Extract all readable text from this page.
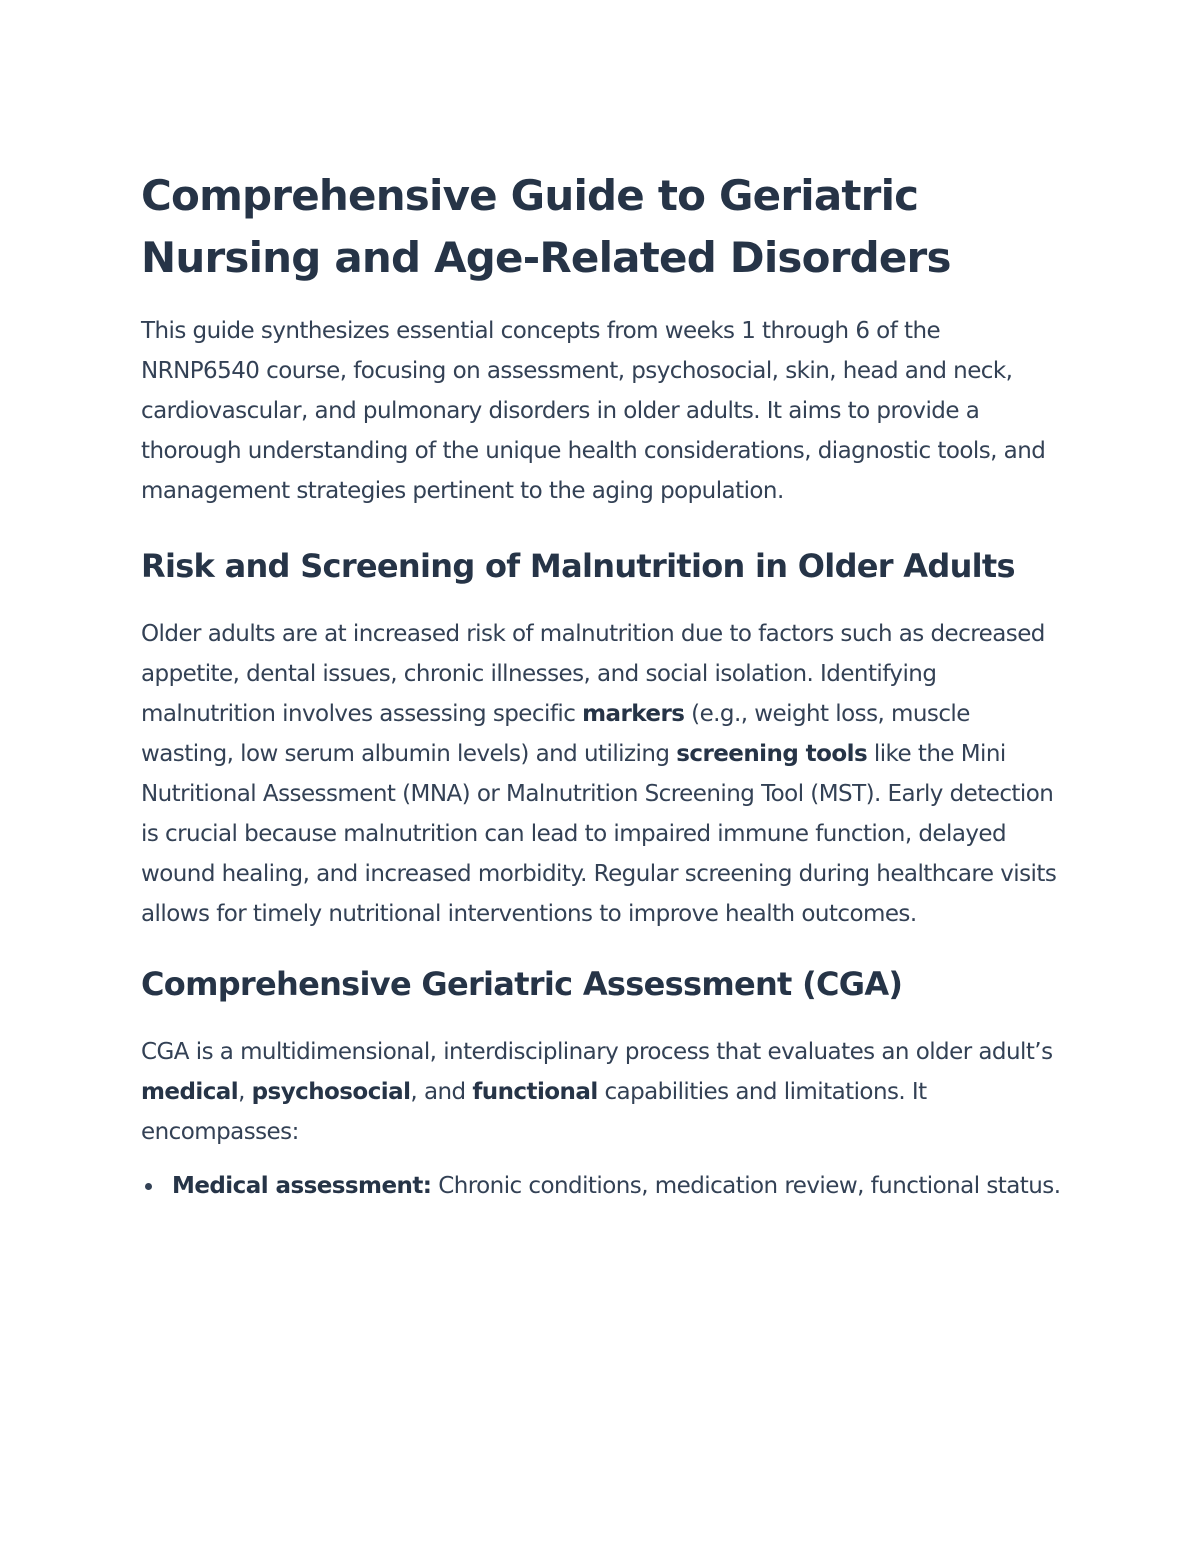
Comprehensive Guide to Geriatric Nursing and Age-Related Disorders

This guide synthesizes essential concepts from weeks 1 through 6 of the NRNP6540 course, focusing on assessment, psychosocial, skin, head and neck, cardiovascular, and pulmonary disorders in older adults. It aims to provide a thorough understanding of the unique health considerations, diagnostic tools, and management strategies pertinent to the aging population.

Risk and Screening of Malnutrition in Older Adults

Older adults are at increased risk of malnutrition due to factors such as decreased appetite, dental issues, chronic illnesses, and social isolation. Identifying malnutrition involves assessing specific markers (e.g., weight loss, muscle wasting, low serum albumin levels) and utilizing screening tools like the Mini Nutritional Assessment (MNA) or Malnutrition Screening Tool (MST). Early detection is crucial because malnutrition can lead to impaired immune function, delayed wound healing, and increased morbidity. Regular screening during healthcare visits allows for timely nutritional interventions to improve health outcomes.

Comprehensive Geriatric Assessment (CGA)

CGA is a multidimensional, interdisciplinary process that evaluates an older adult’s medical, psychosocial, and functional capabilities and limitations. It encompasses:

Medical assessment: Chronic conditions, medication review, functional status.
